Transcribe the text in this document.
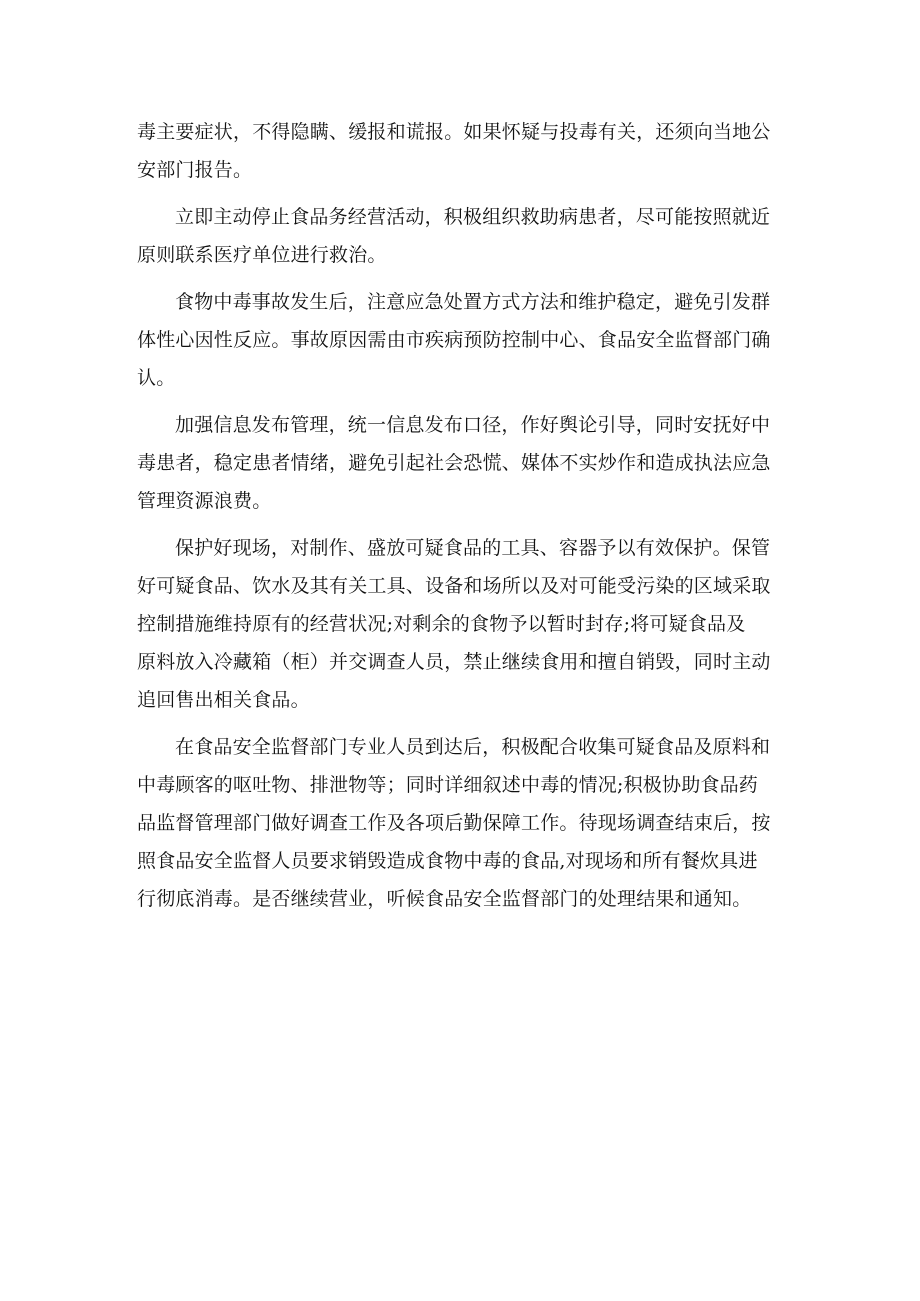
毒主要症状，不得隐瞒、缓报和谎报。如果怀疑与投毒有关，还须向当地公
安部门报告。

立即主动停止食品务经营活动，积极组织救助病患者，尽可能按照就近
原则联系医疗单位进行救治。

食物中毒事故发生后，注意应急处置方式方法和维护稳定，避免引发群
体性心因性反应。事故原因需由市疾病预防控制中心、食品安全监督部门确
认。

加强信息发布管理，统一信息发布口径，作好舆论引导，同时安抚好中
毒患者，稳定患者情绪，避免引起社会恐慌、媒体不实炒作和造成执法应急
管理资源浪费。

保护好现场，对制作、盛放可疑食品的工具、容器予以有效保护。保管
好可疑食品、饮水及其有关工具、设备和场所以及对可能受污染的区域采取
控制措施维持原有的经营状况;对剩余的食物予以暂时封存;将可疑食品及
原料放入冷藏箱（柜）并交调查人员，禁止继续食用和擅自销毁，同时主动
追回售出相关食品。

在食品安全监督部门专业人员到达后，积极配合收集可疑食品及原料和
中毒顾客的呕吐物、排泄物等；同时详细叙述中毒的情况;积极协助食品药
品监督管理部门做好调查工作及各项后勤保障工作。待现场调查结束后，按
照食品安全监督人员要求销毁造成食物中毒的食品,对现场和所有餐炊具进
行彻底消毒。是否继续营业，听候食品安全监督部门的处理结果和通知。
